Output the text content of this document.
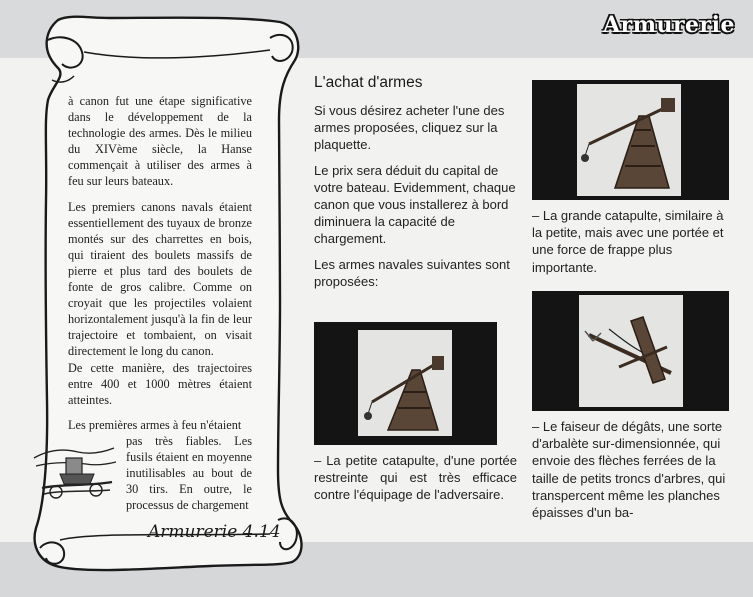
Armurerie

à canon fut une étape significative dans le développement de la technologie des armes. Dès le milieu du XIVème siècle, la Hanse commençait à utiliser des armes à feu sur leurs bateaux.

Les premiers canons navals étaient essentiellement des tuyaux de bronze montés sur des charrettes en bois, qui tiraient des boulets massifs de pierre et plus tard des boulets de fonte de gros calibre. Comme on croyait que les projectiles volaient horizontalement jusqu'à la fin de leur trajectoire et tombaient, on visait directement le long du canon.

De cette manière, des trajectoires entre 400 et 1000 mètres étaient atteintes.

Les premières armes à feu n'étaient
pas très fiables. Les fusils étaient en moyenne inutilisables au bout de 30 tirs. En outre, le processus de chargement

Armurerie 4.14
L'achat d'armes

Si vous désirez acheter l'une des armes proposées, cliquez sur la plaquette.

Le prix sera déduit du capital de votre bateau. Evidemment, chaque canon que vous installerez à bord diminuera la capacité de chargement.

Les armes navales suivantes sont proposées:

– La petite catapulte, d'une portée restreinte qui est très efficace contre l'équipage de l'adversaire.
– La grande catapulte, similaire à la petite, mais avec une portée et une force de frappe plus importante.
– Le faiseur de dégâts, une sorte d'arbalète sur-dimensionnée, qui envoie des flèches ferrées de la taille de petits troncs d'arbres, qui transpercent même les planches épaisses d'un ba-
